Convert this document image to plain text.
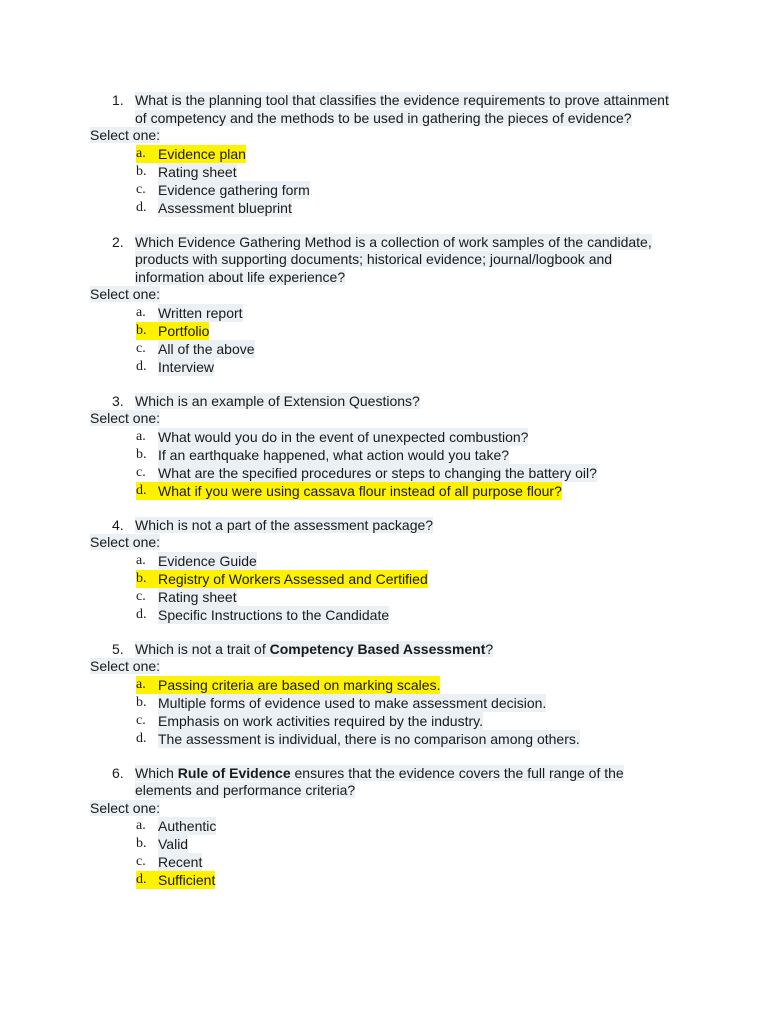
1. What is the planning tool that classifies the evidence requirements to prove attainment of competency and the methods to be used in gathering the pieces of evidence?
Select one:
a. Evidence plan
b. Rating sheet
c. Evidence gathering form
d. Assessment blueprint
2. Which Evidence Gathering Method is a collection of work samples of the candidate, products with supporting documents; historical evidence; journal/logbook and information about life experience?
Select one:
a. Written report
b. Portfolio
c. All of the above
d. Interview
3. Which is an example of Extension Questions?
Select one:
a. What would you do in the event of unexpected combustion?
b. If an earthquake happened, what action would you take?
c. What are the specified procedures or steps to changing the battery oil?
d. What if you were using cassava flour instead of all purpose flour?
4. Which is not a part of the assessment package?
Select one:
a. Evidence Guide
b. Registry of Workers Assessed and Certified
c. Rating sheet
d. Specific Instructions to the Candidate
5. Which is not a trait of Competency Based Assessment?
Select one:
a. Passing criteria are based on marking scales.
b. Multiple forms of evidence used to make assessment decision.
c. Emphasis on work activities required by the industry.
d. The assessment is individual, there is no comparison among others.
6. Which Rule of Evidence ensures that the evidence covers the full range of the elements and performance criteria?
Select one:
a. Authentic
b. Valid
c. Recent
d. Sufficient
